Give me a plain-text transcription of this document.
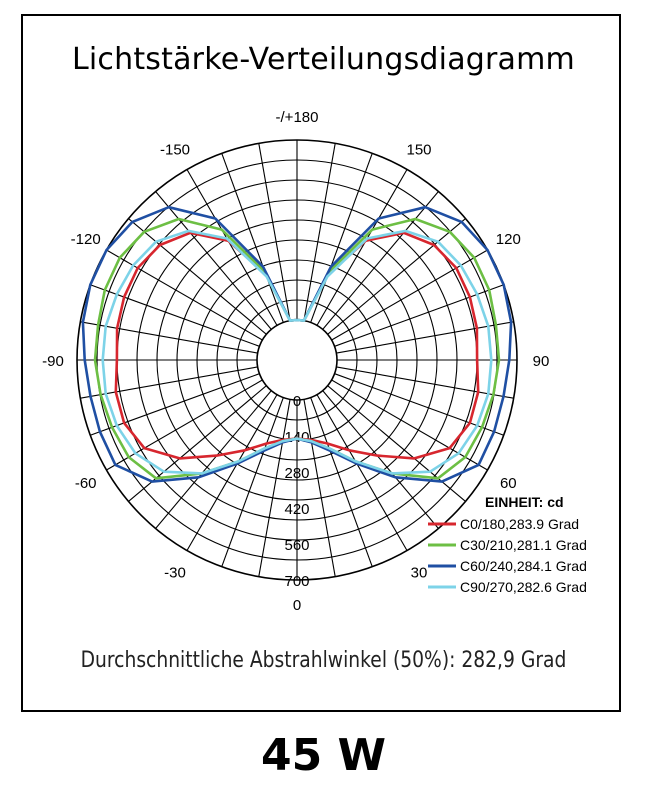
Lichtstärke-Verteilungsdiagramm
0
30
60
90
120
150
-/+180
-150
-120
-90
-60
-30
0
140
280
420
560
700
EINHEIT: cd
C0/180,283.9 Grad
C30/210,281.1 Grad
C60/240,284.1 Grad
C90/270,282.6 Grad
Durchschnittliche Abstrahlwinkel (50%): 282,9 Grad
45 W
